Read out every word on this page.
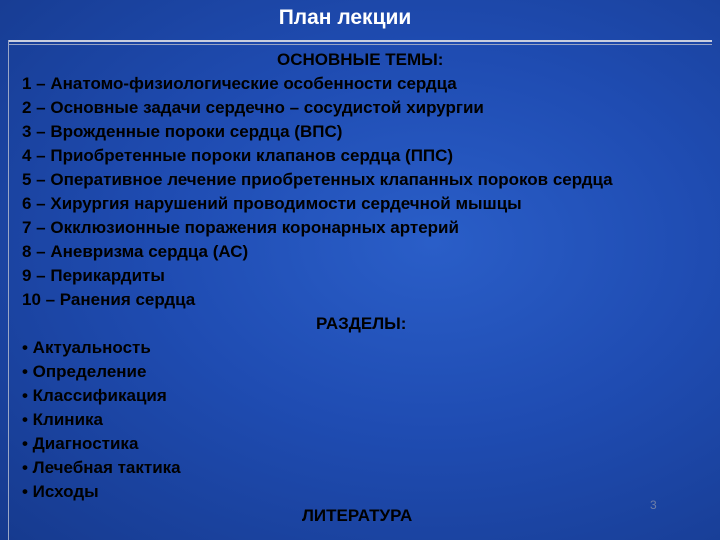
План лекции
ОСНОВНЫЕ ТЕМЫ:
1 – Анатомо-физиологические особенности сердца
2 – Основные задачи сердечно – сосудистой хирургии
3 – Врожденные пороки сердца (ВПС)
4 – Приобретенные пороки клапанов сердца (ППС)
5 – Оперативное лечение приобретенных клапанных пороков сердца
6 – Хирургия нарушений проводимости сердечной мышцы
7 – Окклюзионные поражения коронарных артерий
8 – Аневризма сердца (АС)
9 – Перикардиты
10 – Ранения сердца
РАЗДЕЛЫ:
• Актуальность
• Определение
• Классификация
• Клиника
• Диагностика
• Лечебная тактика
• Исходы
ЛИТЕРАТУРА
3
